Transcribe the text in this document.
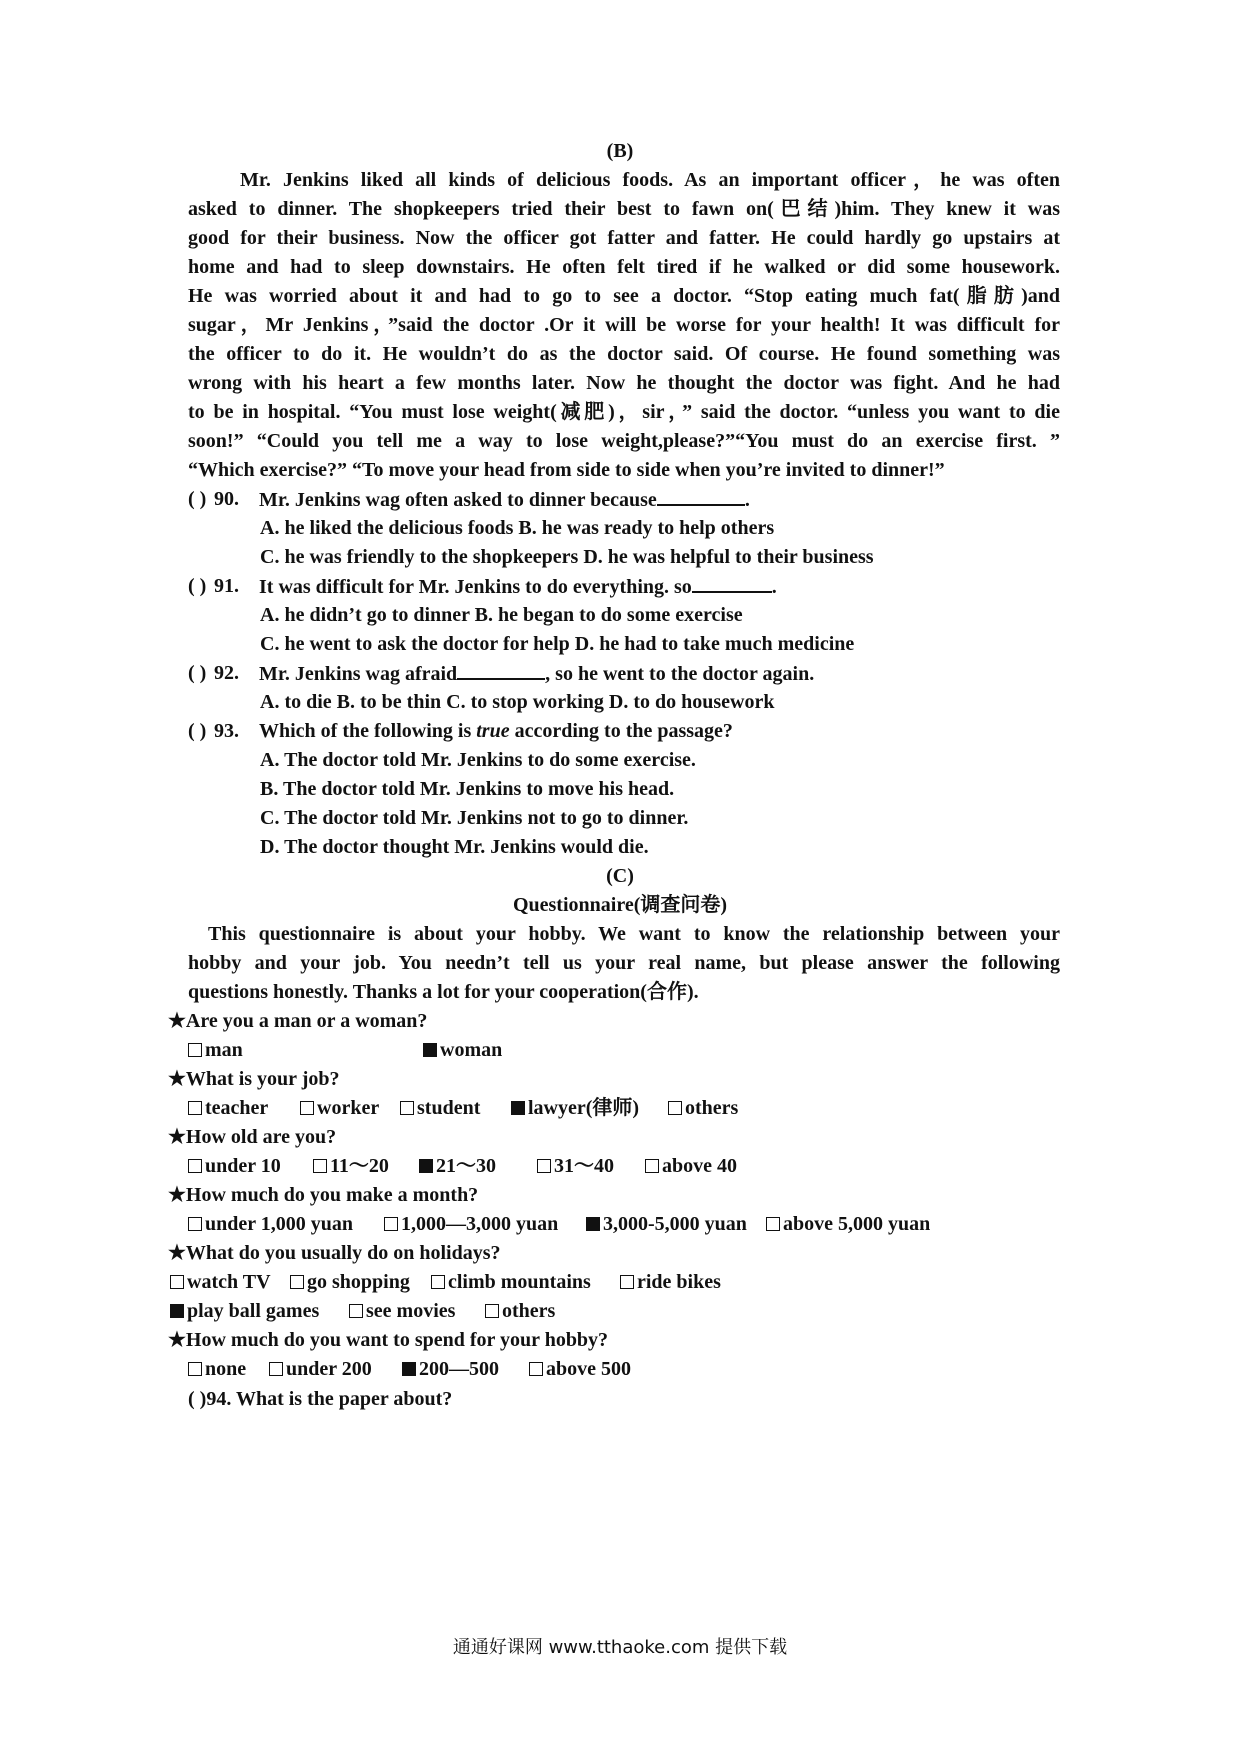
(B)
Mr. Jenkins liked all kinds of delicious foods. As an important officer，he was often
asked to dinner. The shopkeepers tried their best to fawn on(巴结)him. They knew it was
good for their business. Now the officer got fatter and fatter. He could hardly go upstairs at
home and had to sleep downstairs. He often felt tired if he walked or did some housework.
He was worried about it and had to go to see a doctor. “Stop eating much fat(脂肪)and
sugar，Mr Jenkins，”said the doctor .Or it will be worse for your health! It was difficult for
the officer to do it. He wouldn’t do as the doctor said. Of course. He found something was
wrong with his heart a few months later. Now he thought the doctor was fight. And he had
to be in hospital. “You must lose weight(减肥)，sir，” said the doctor. “unless you want to die
soon!” “Could you tell me a way to lose weight,please?”“You must do an exercise first. ”
“Which exercise?” “To move your head from side to side when you’re invited to dinner!”
( ) 90. Mr. Jenkins wag often asked to dinner because	.
A. he liked the delicious foods B. he was ready to help others
C. he was friendly to the shopkeepers D. he was helpful to their business
( ) 91. It was difficult for Mr. Jenkins to do everything. so	.
A. he didn’t go to dinner B. he began to do some exercise
C. he went to ask the doctor for help D. he had to take much medicine
( ) 92. Mr. Jenkins wag afraid	, so he went to the doctor again.
A. to die B. to be thin C. to stop working D. to do housework
( ) 93. Which of the following is true according to the passage?
A. The doctor told Mr. Jenkins to do some exercise.
B. The doctor told Mr. Jenkins to move his head.
C. The doctor told Mr. Jenkins not to go to dinner.
D. The doctor thought Mr. Jenkins would die.
(C)
Questionnaire(调查问卷)
This questionnaire is about your hobby. We want to know the relationship between your
hobby and your job. You needn’t tell us your real name, but please answer the following
questions honestly. Thanks a lot for your cooperation(合作).
★Are you a man or a woman?
man	woman
★What is your job?
teacher	worker	student	lawyer(律师)	others
★How old are you?
under 10	11～20	21～30	31～40	above 40
★How much do you make a month?
under 1,000 yuan	1,000—3,000 yuan	3,000-5,000 yuan	above 5,000 yuan
★What do you usually do on holidays?
watch TV	go shopping	climb mountains	ride bikes
play ball games	see movies	others
★How much do you want to spend for your hobby?
none	under 200	200—500	above 500
( )94. What is the paper about?
通通好课网 www.tthaoke.com 提供下载
